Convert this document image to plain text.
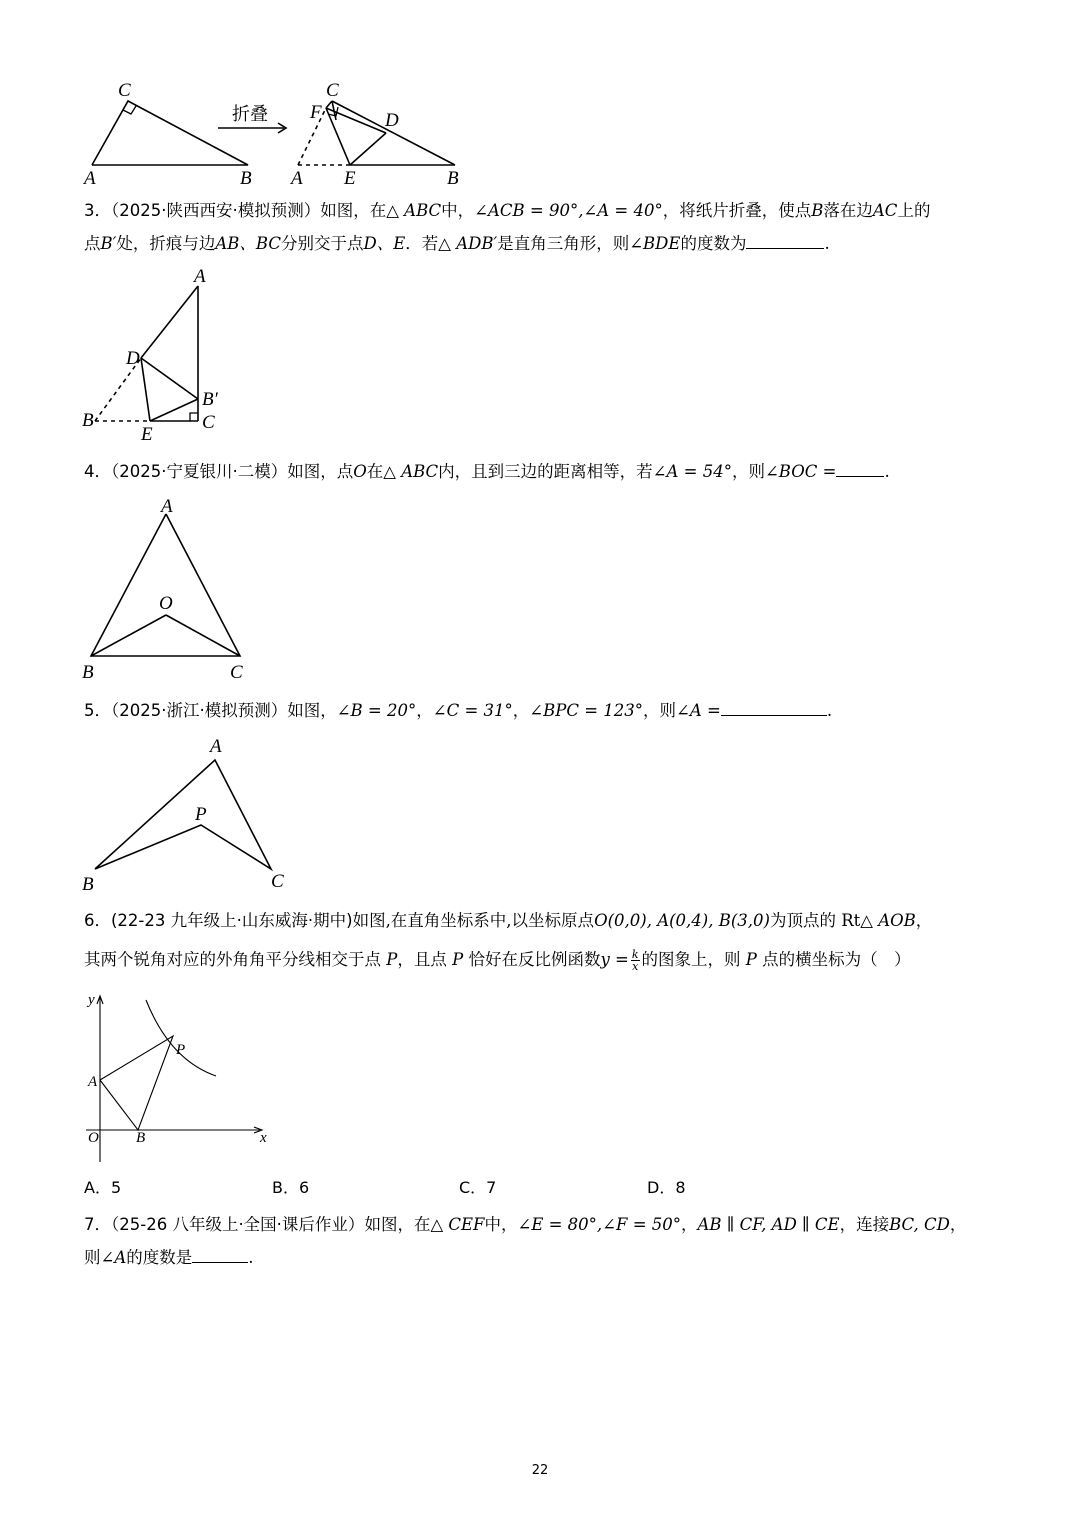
C
A	B
折叠
C
F	D
A E	B
3．（2025·陕西西安·模拟预测）如图，在△ ABC中，∠ACB = 90°,∠A = 40°，将纸片折叠，使点B落在边AC上的
点B′处，折痕与边AB、BC分别交于点D、E．若△ ADB′是直角三角形，则∠BDE的度数为	.
A
D
B′
B
E
C
4．（2025·宁夏银川·二模）如图，点O在△ ABC内，且到三边的距离相等，若∠A = 54°，则∠BOC =	.
A
O
B	C
5．（2025·浙江·模拟预测）如图，∠B = 20°，∠C = 31°，∠BPC = 123°，则∠A =	.
A
P
B	C
6．(22-23 九年级上·山东威海·期中)如图,在直角坐标系中,以坐标原点O(0,0), A(0,4), B(3,0)为顶点的 Rt△ AOB，
其两个锐角对应的外角角平分线相交于点 P，且点 P 恰好在反比例函数$y = \frac{k}{x}$ 的图象上，则 P 点的横坐标为（　）
y
P
A
O B	x
A．5	B．6	C．7	D．8
7．（25-26 八年级上·全国·课后作业）如图，在△ CEF中，∠E = 80°,∠F = 50°，AB ∥ CF, AD ∥ CE，连接BC, CD，
则∠A的度数是	.
22
